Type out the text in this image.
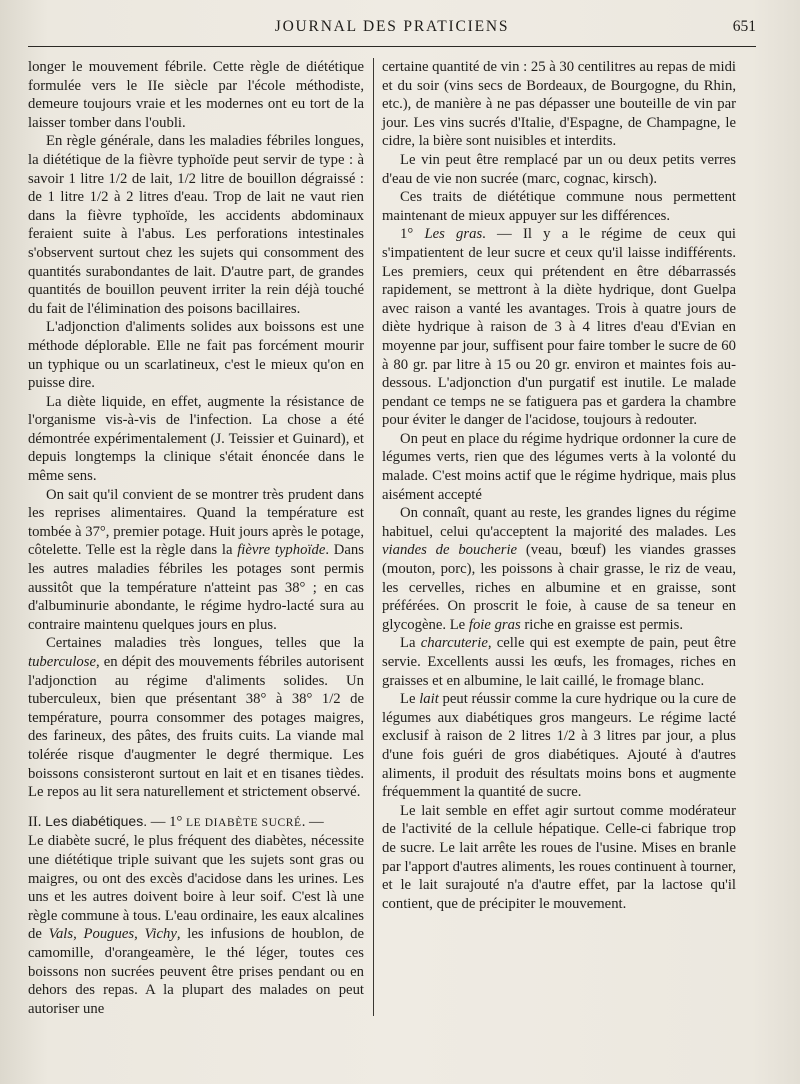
JOURNAL DES PRATICIENS	651

longer le mouvement fébrile. Cette règle de diététique formulée vers le IIe siècle par l'école méthodiste, demeure toujours vraie et les modernes ont eu tort de la laisser tomber dans l'oubli.

En règle générale, dans les maladies fébriles longues, la diététique de la fièvre typhoïde peut servir de type : à savoir 1 litre 1/2 de lait, 1/2 litre de bouillon dégraissé : de 1 litre 1/2 à 2 litres d'eau. Trop de lait ne vaut rien dans la fièvre typhoïde, les accidents abdominaux feraient suite à l'abus. Les perforations intestinales s'observent surtout chez les sujets qui consomment des quantités surabondantes de lait. D'autre part, de grandes quantités de bouillon peuvent irriter la rein déjà touché du fait de l'élimination des poisons bacillaires.

L'adjonction d'aliments solides aux boissons est une méthode déplorable. Elle ne fait pas forcément mourir un typhique ou un scarlatineux, c'est le mieux qu'on en puisse dire.

La diète liquide, en effet, augmente la résistance de l'organisme vis-à-vis de l'infection. La chose a été démontrée expérimentalement (J. Teissier et Guinard), et depuis longtemps la clinique s'était énoncée dans le même sens.

On sait qu'il convient de se montrer très prudent dans les reprises alimentaires. Quand la température est tombée à 37°, premier potage. Huit jours après le potage, côtelette. Telle est la règle dans la fièvre typhoïde. Dans les autres maladies fébriles les potages sont permis aussitôt que la température n'atteint pas 38° ; en cas d'albuminurie abondante, le régime hydro-lacté sura au contraire maintenu quelques jours en plus.

Certaines maladies très longues, telles que la tuberculose, en dépit des mouvements fébriles autorisent l'adjonction au régime d'aliments solides. Un tuberculeux, bien que présentant 38° à 38° 1/2 de température, pourra consommer des potages maigres, des farineux, des pâtes, des fruits cuits. La viande mal tolérée risque d'augmenter le degré thermique. Les boissons consisteront surtout en lait et en tisanes tièdes. Le repos au lit sera naturellement et strictement observé.

II. Les diabétiques. — 1° LE DIABÈTE SUCRÉ. —

Le diabète sucré, le plus fréquent des diabètes, nécessite une diététique triple suivant que les sujets sont gras ou maigres, ou ont des excès d'acidose dans les urines. Les uns et les autres doivent boire à leur soif. C'est là une règle commune à tous. L'eau ordinaire, les eaux alcalines de Vals, Pougues, Vichy, les infusions de houblon, de camomille, d'orangeamère, le thé léger, toutes ces boissons non sucrées peuvent être prises pendant ou en dehors des repas. A la plupart des malades on peut autoriser une

certaine quantité de vin : 25 à 30 centilitres au repas de midi et du soir (vins secs de Bordeaux, de Bourgogne, du Rhin, etc.), de manière à ne pas dépasser une bouteille de vin par jour. Les vins sucrés d'Italie, d'Espagne, de Champagne, le cidre, la bière sont nuisibles et interdits.

Le vin peut être remplacé par un ou deux petits verres d'eau de vie non sucrée (marc, cognac, kirsch).

Ces traits de diététique commune nous permettent maintenant de mieux appuyer sur les différences.

1° Les gras. — Il y a le régime de ceux qui s'impatientent de leur sucre et ceux qu'il laisse indifférents. Les premiers, ceux qui prétendent en être débarrassés rapidement, se mettront à la diète hydrique, dont Guelpa avec raison a vanté les avantages. Trois à quatre jours de diète hydrique à raison de 3 à 4 litres d'eau d'Evian en moyenne par jour, suffisent pour faire tomber le sucre de 60 à 80 gr. par litre à 15 ou 20 gr. environ et maintes fois au-dessous. L'adjonction d'un purgatif est inutile. Le malade pendant ce temps ne se fatiguera pas et gardera la chambre pour éviter le danger de l'acidose, toujours à redouter.

On peut en place du régime hydrique ordonner la cure de légumes verts, rien que des légumes verts à la volonté du malade. C'est moins actif que le régime hydrique, mais plus aisément accepté

On connaît, quant au reste, les grandes lignes du régime habituel, celui qu'acceptent la majorité des malades. Les viandes de boucherie (veau, bœuf) les viandes grasses (mouton, porc), les poissons à chair grasse, le riz de veau, les cervelles, riches en albumine et en graisse, sont préférées. On proscrit le foie, à cause de sa teneur en glycogène. Le foie gras riche en graisse est permis.

La charcuterie, celle qui est exempte de pain, peut être servie. Excellents aussi les œufs, les fromages, riches en graisses et en albumine, le lait caillé, le fromage blanc.

Le lait peut réussir comme la cure hydrique ou la cure de légumes aux diabétiques gros mangeurs. Le régime lacté exclusif à raison de 2 litres 1/2 à 3 litres par jour, a plus d'une fois guéri de gros diabétiques. Ajouté à d'autres aliments, il produit des résultats moins bons et augmente fréquemment la quantité de sucre.

Le lait semble en effet agir surtout comme modérateur de l'activité de la cellule hépatique. Celle-ci fabrique trop de sucre. Le lait arrête les roues de l'usine. Mises en branle par l'apport d'autres aliments, les roues continuent à tourner, et le lait surajouté n'a d'autre effet, par la lactose qu'il contient, que de précipiter le mouvement.
